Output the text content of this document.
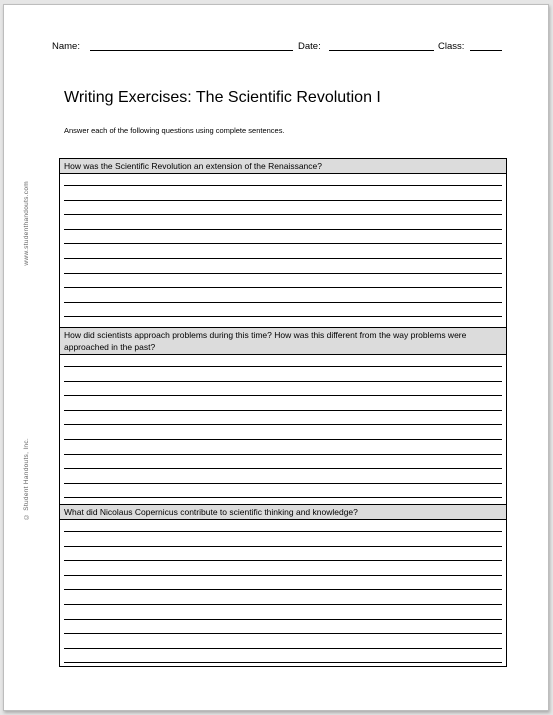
Name:	Date:	Class:
Writing Exercises: The Scientific Revolution I
Answer each of the following questions using complete sentences.
www.studenthandouts.com
© Student Handouts, Inc.
How was the Scientific Revolution an extension of the Renaissance?
How did scientists approach problems during this time? How was this different from the way problems were approached in the past?
What did Nicolaus Copernicus contribute to scientific thinking and knowledge?
